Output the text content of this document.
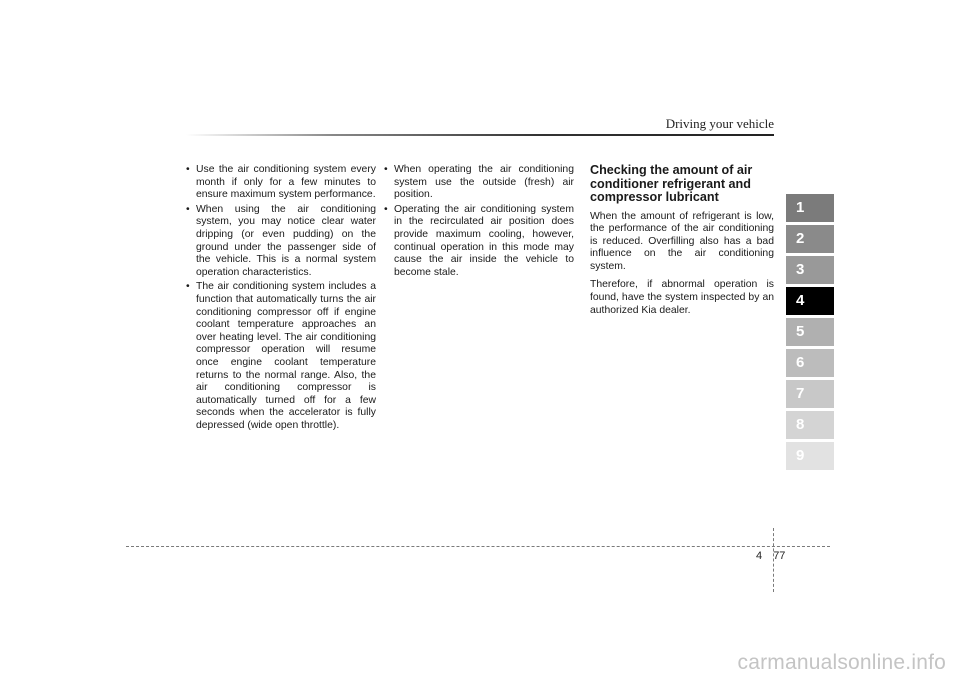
Driving your vehicle
• Use the air conditioning system every month if only for a few minutes to ensure maximum system performance.
• When using the air conditioning system, you may notice clear water dripping (or even pudding) on the ground under the passenger side of the vehicle. This is a normal system operation characteristics.
• The air conditioning system includes a function that automatically turns the air conditioning compressor off if engine coolant temperature approaches an over heating level. The air conditioning compressor operation will resume once engine coolant temperature returns to the normal range. Also, the air conditioning compressor is automatically turned off for a few seconds when the accelerator is fully depressed (wide open throttle).
• When operating the air conditioning system use the outside (fresh) air position.
• Operating the air conditioning system in the recirculated air position does provide maximum cooling, however, continual operation in this mode may cause the air inside the vehicle to become stale.
Checking the amount of air conditioner refrigerant and compressor lubricant

When the amount of refrigerant is low, the performance of the air conditioning is reduced. Overfilling also has a bad influence on the air conditioning system.

Therefore, if abnormal operation is found, have the system inspected by an authorized Kia dealer.

1
2
3
4
5
6
7
8
9
4 77
carmanualsonline.info
